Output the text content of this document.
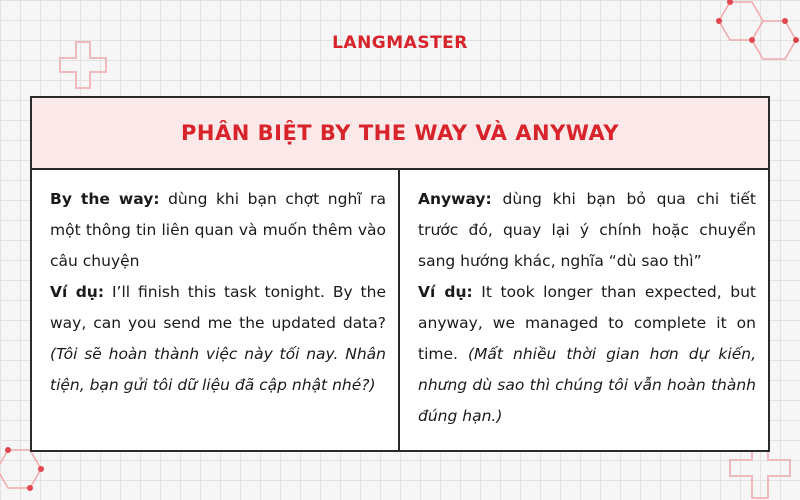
LANGMASTER
PHÂN BIỆT BY THE WAY VÀ ANYWAY

By the way: dùng khi bạn chợt nghĩ ra một thông tin liên quan và muốn thêm vào câu chuyện

Ví dụ: I’ll finish this task tonight. By the way, can you send me the updated data? (Tôi sẽ hoàn thành việc này tối nay. Nhân tiện, bạn gửi tôi dữ liệu đã cập nhật nhé?)

Anyway: dùng khi bạn bỏ qua chi tiết trước đó, quay lại ý chính hoặc chuyển sang hướng khác, nghĩa “dù sao thì”

Ví dụ: It took longer than expected, but anyway, we managed to complete it on time. (Mất nhiều thời gian hơn dự kiến, nhưng dù sao thì chúng tôi vẫn hoàn thành đúng hạn.)
